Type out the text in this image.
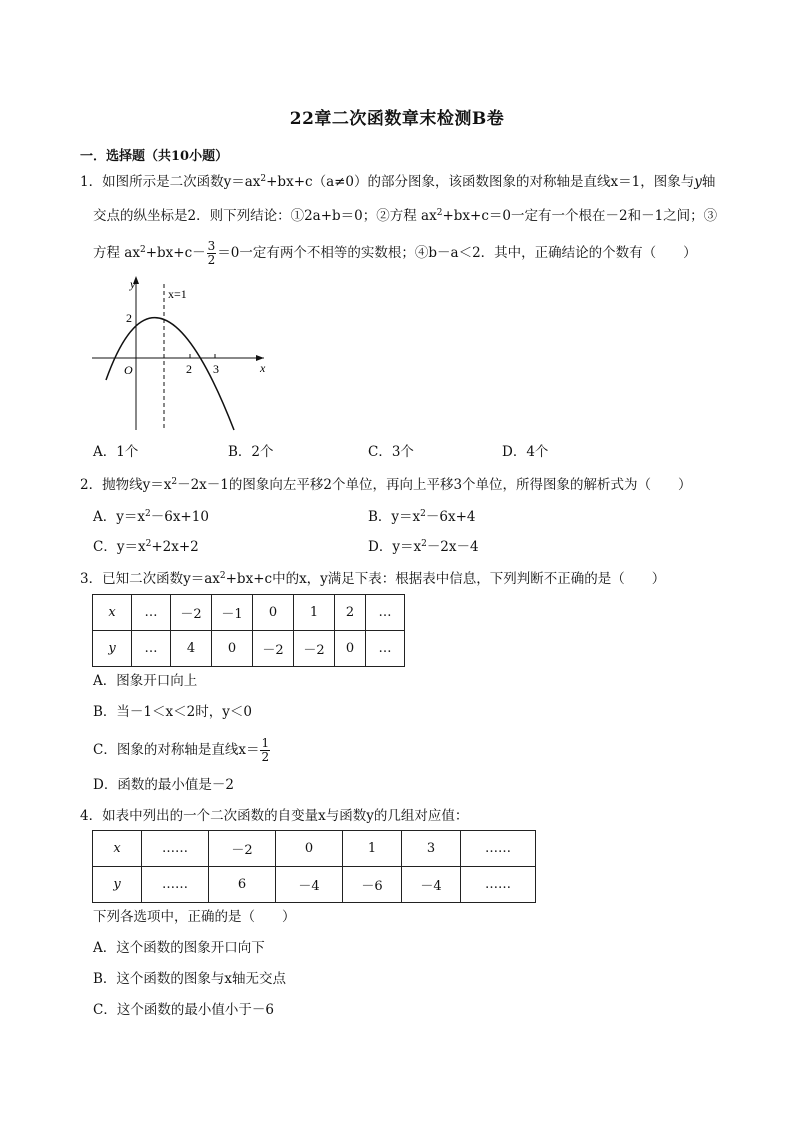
22章二次函数章末检测B卷
一．选择题（共10小题）
1．如图所示是二次函数$y=ax^2+bx+c(a\ne 0)$的部分图象，该函数图象的对称轴是直线x＝1，图象与y轴
交点的纵坐标是2．则下列结论：①2a+b＝0；②方程 $ax^2+bx+c=0$一定有一个根在－2和－1之间；③
方程 $ax^2+bx+c- \frac{3}{2} =0$一定有两个不相等的实数根；④b－a＜2．其中，正确结论的个数有（　　）
y
x
O
x=1
2 3
2
A．1个	B．2个	C．3个	D．4个
2．抛物线$y=x^2-2x-1$的图象向左平移2个单位，再向上平移3个单位，所得图象的解析式为（　　）
A．$y=x^2-6x+10$	B．$y=x^2-6x+4$
C．$y=x^2+2x+2$	D．$y=x^2-2x-4$
3．已知二次函数$y=ax^2+bx+c$中的x，y满足下表：根据表中信息，下列判断不正确的是（　　）
x	…	－2	－1	0	1	2	…
y	…	4	0	－2	－2	0	…
A．图象开口向上
B．当－1＜x＜2时，y＜0
C．图象的对称轴是直线$x= \frac{1}{2}$
D．函数的最小值是－2
4．如表中列出的一个二次函数的自变量x与函数y的几组对应值：
x	……	－2	0	1	3	……
y	……	6	－4	－6	－4	……
下列各选项中，正确的是（　　）
A．这个函数的图象开口向下
B．这个函数的图象与x轴无交点
C．这个函数的最小值小于－6
